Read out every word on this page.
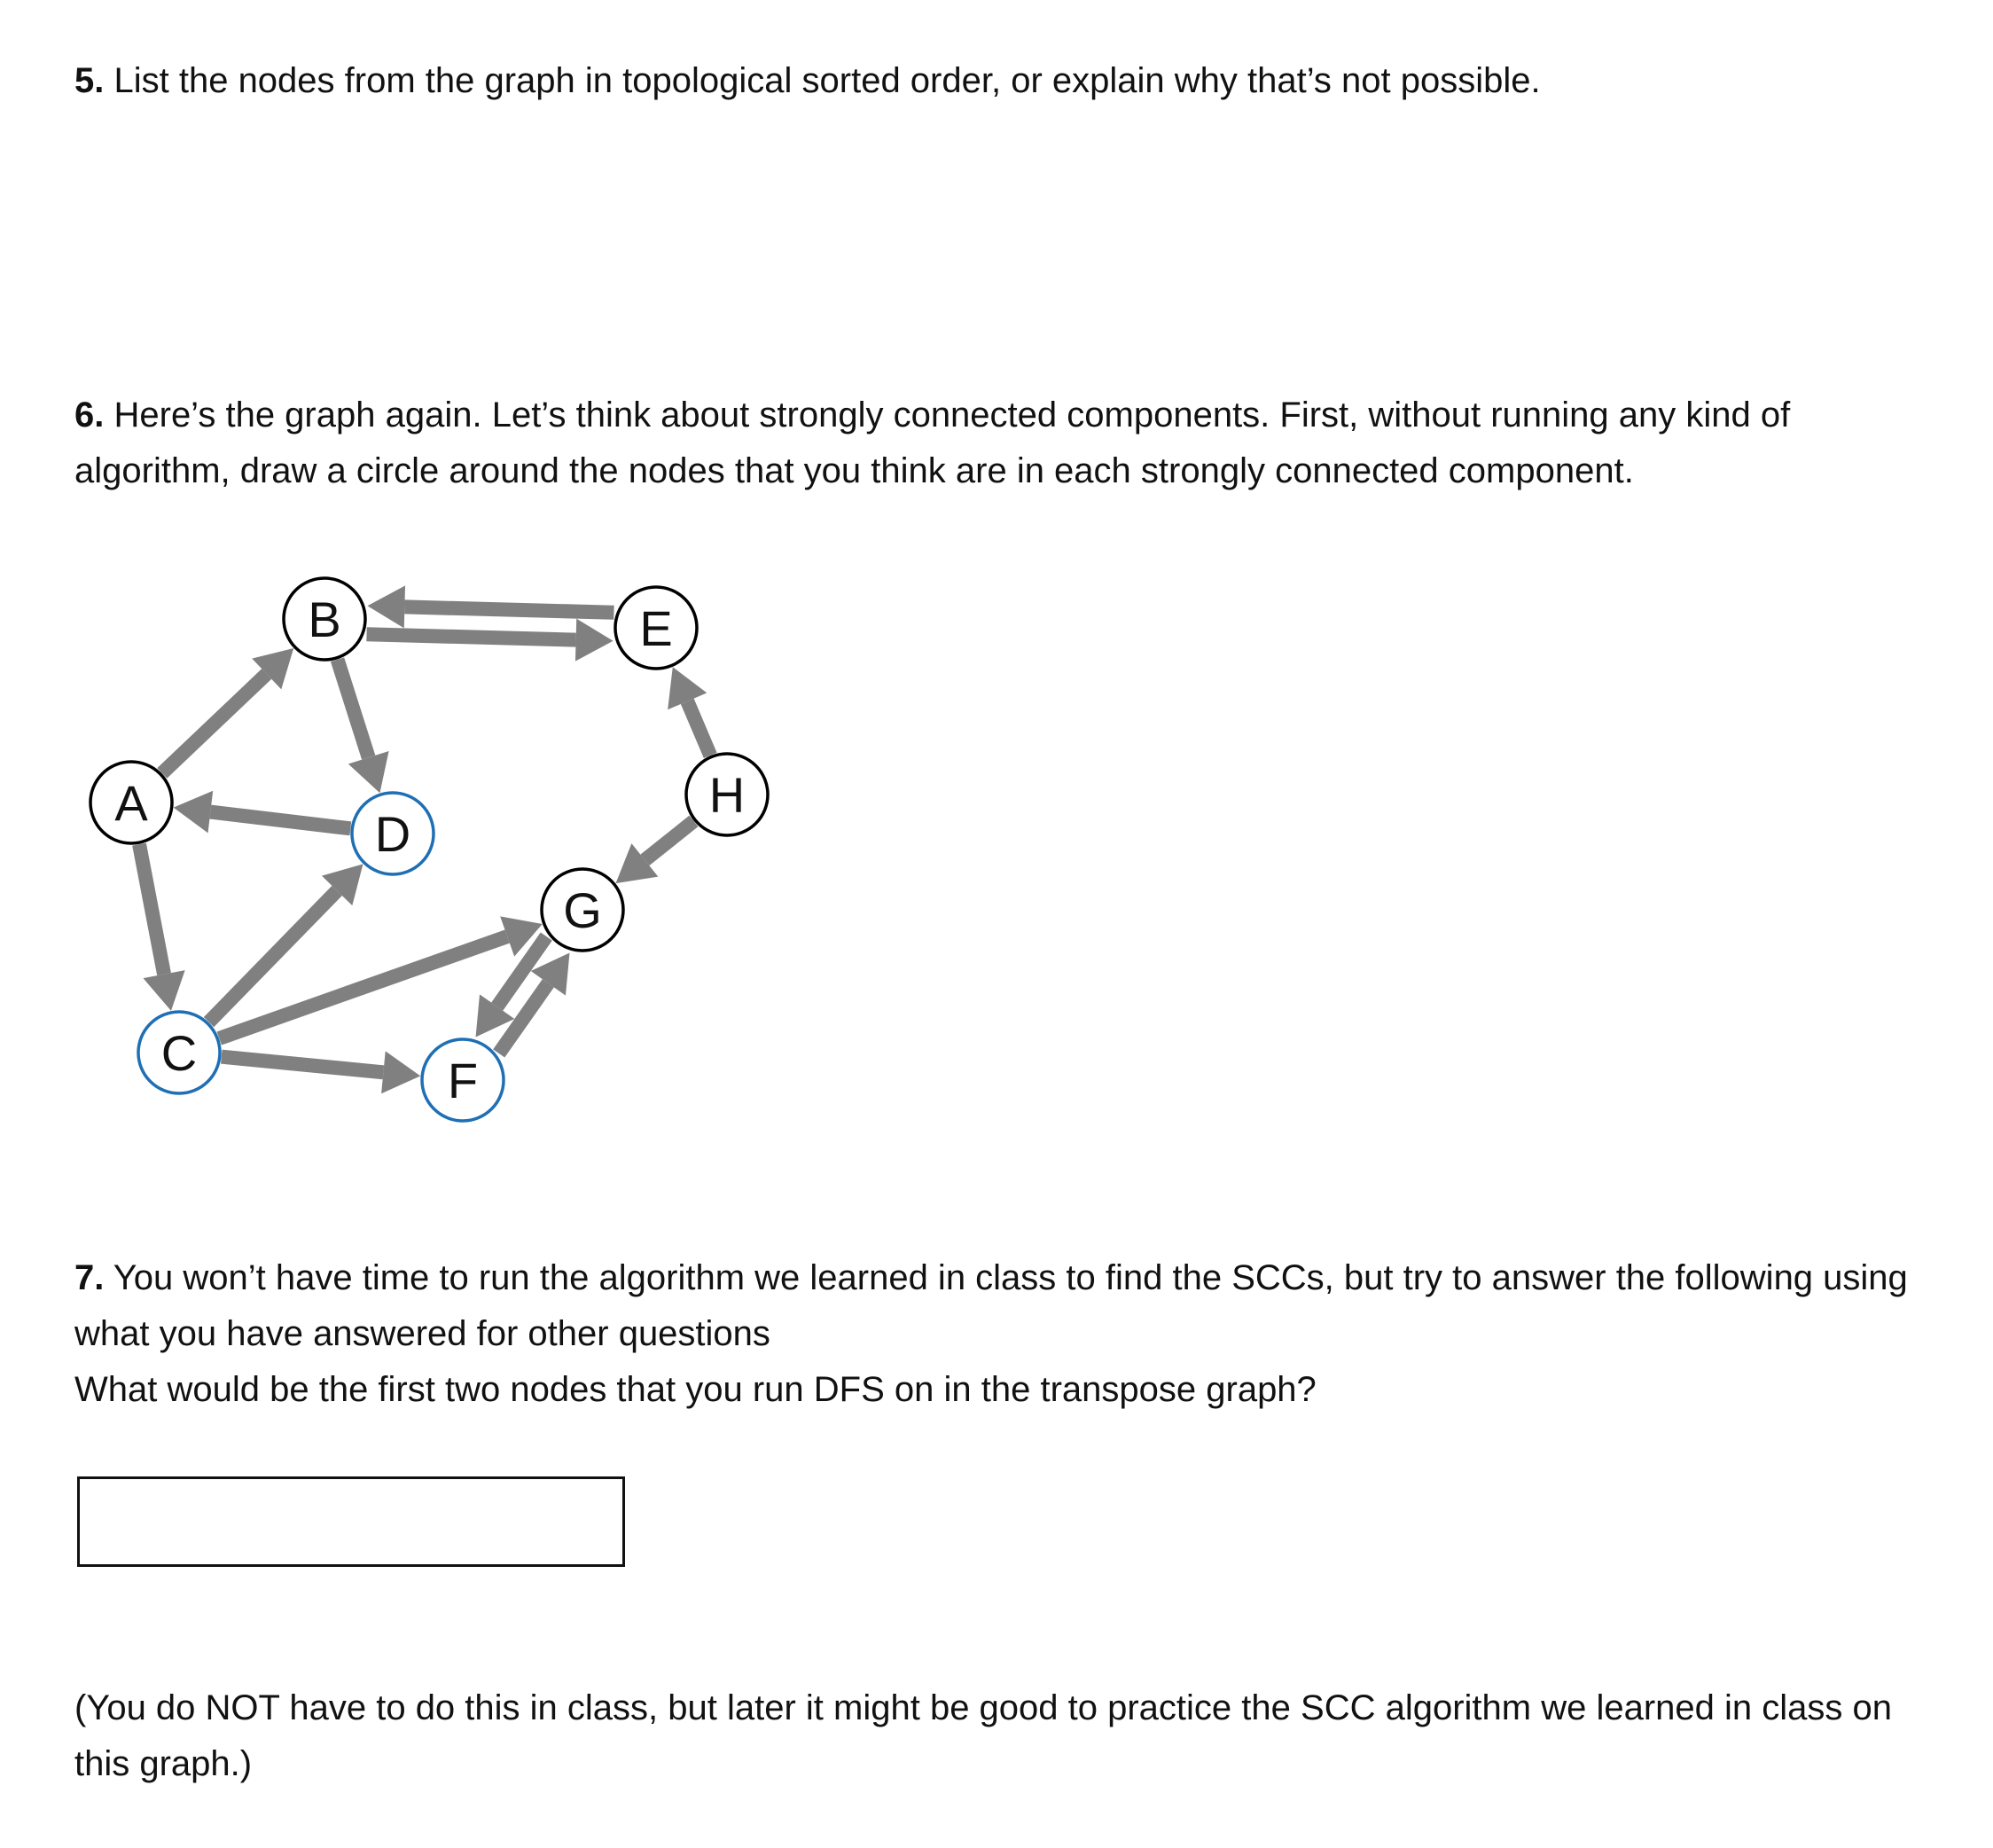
5. List the nodes from the graph in topological sorted order, or explain why that’s not possible.

6. Here’s the graph again. Let’s think about strongly connected components. First, without running any kind of algorithm, draw a circle around the nodes that you think are in each strongly connected component.

A
B
C
D
E
F
G
H

7. You won’t have time to run the algorithm we learned in class to find the SCCs, but try to answer the following using what you have answered for other questions
What would be the first two nodes that you run DFS on in the transpose graph?

(You do NOT have to do this in class, but later it might be good to practice the SCC algorithm we learned in class on this graph.)
